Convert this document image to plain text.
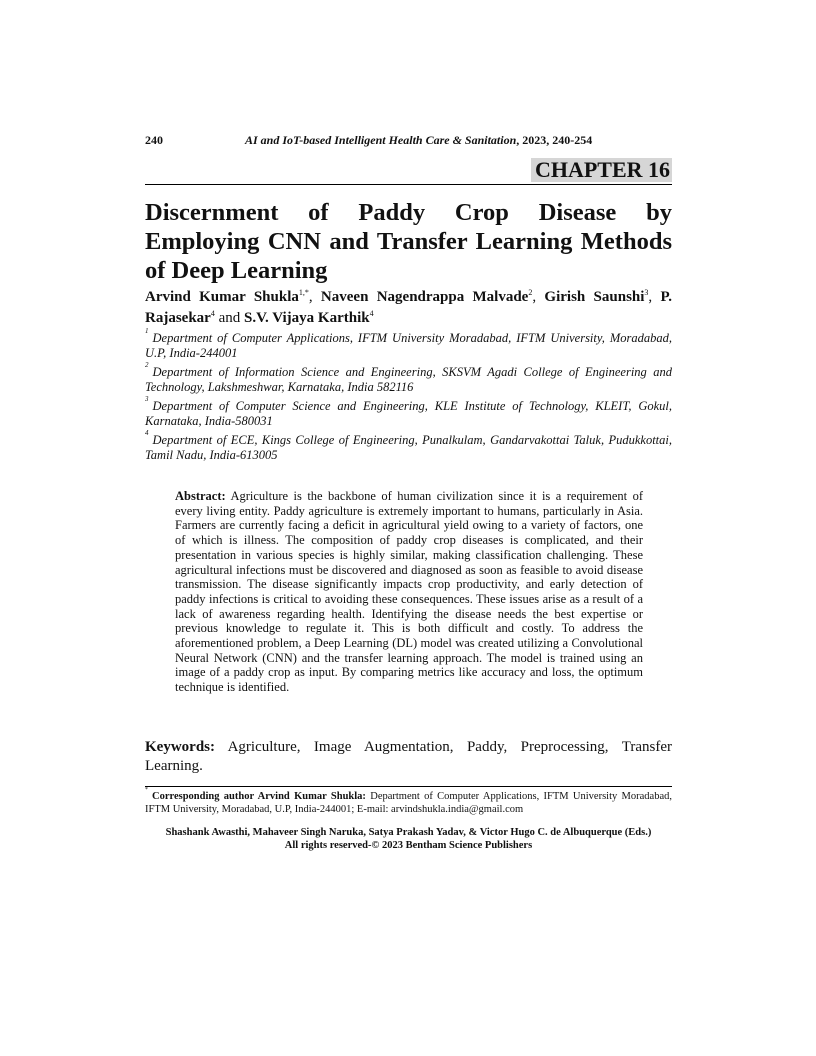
240	AI and IoT-based Intelligent Health Care & Sanitation, 2023, 240-254
CHAPTER 16
Discernment of Paddy Crop Disease by Employing CNN and Transfer Learning Methods of Deep Learning
Arvind Kumar Shukla$^{1,*}$, Naveen Nagendrappa Malvade$^2$, Girish Saunshi$^3$, P. Rajasekar$^4$ and S.V. Vijaya Karthik$^4$

$^1$ Department of Computer Applications, IFTM University Moradabad, IFTM University, Moradabad, U.P, India-244001

$^2$ Department of Information Science and Engineering, SKSVM Agadi College of Engineering and Technology, Lakshmeshwar, Karnataka, India 582116

$^3$ Department of Computer Science and Engineering, KLE Institute of Technology, KLEIT, Gokul, Karnataka, India-580031

$^4$ Department of ECE, Kings College of Engineering, Punalkulam, Gandarvakottai Taluk, Pudukkottai, Tamil Nadu, India-613005

Abstract: Agriculture is the backbone of human civilization since it is a requirement of every living entity. Paddy agriculture is extremely important to humans, particularly in Asia. Farmers are currently facing a deficit in agricultural yield owing to a variety of factors, one of which is illness. The composition of paddy crop diseases is complicated, and their presentation in various species is highly similar, making classification challenging. These agricultural infections must be discovered and diagnosed as soon as feasible to avoid disease transmission. The disease significantly impacts crop productivity, and early detection of paddy infections is critical to avoiding these consequences. These issues arise as a result of a lack of awareness regarding health. Identifying the disease needs the best expertise or previous knowledge to regulate it. This is both difficult and costly. To address the aforementioned problem, a Deep Learning (DL) model was created utilizing a Convolutional Neural Network (CNN) and the transfer learning approach. The model is trained using an image of a paddy crop as input. By comparing metrics like accuracy and loss, the optimum technique is identified.
Keywords: Agriculture, Image Augmentation, Paddy, Preprocessing, Transfer Learning.
*Corresponding author Arvind Kumar Shukla: Department of Computer Applications, IFTM University Moradabad, IFTM University, Moradabad, U.P, India-244001; E-mail: arvindshukla.india@gmail.com
Shashank Awasthi, Mahaveer Singh Naruka, Satya Prakash Yadav, & Victor Hugo C. de Albuquerque (Eds.)
All rights reserved-© 2023 Bentham Science Publishers
